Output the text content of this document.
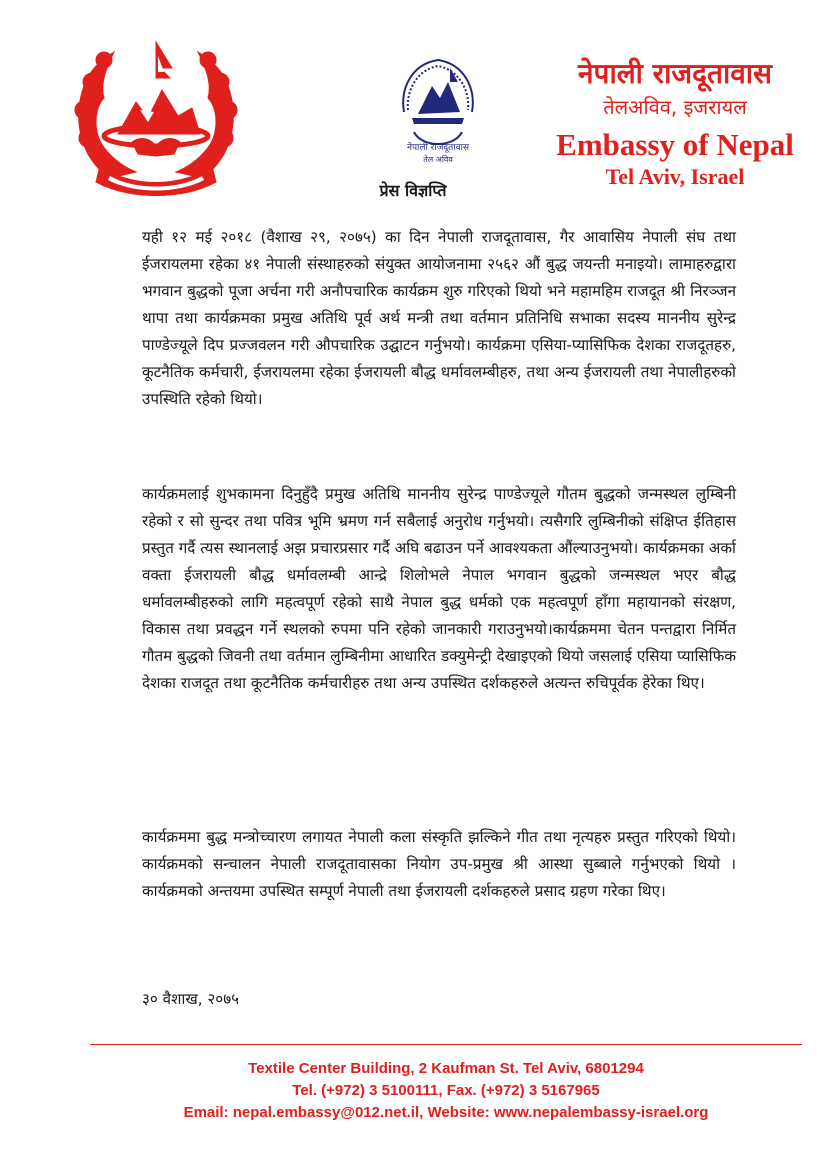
नेपाली राजदूतावास
तेल अविव
नेपाली राजदूतावास
तेलअविव, इजरायल
Embassy of Nepal
Tel Aviv, Israel
प्रेस विज्ञप्ति

यही १२ मई २०१८ (वैशाख २९, २०७५) का दिन नेपाली राजदूतावास, गैर आवासिय नेपाली संघ तथा ईजरायलमा रहेका ४१ नेपाली संस्थाहरुको संयुक्त आयोजनामा २५६२ औं बुद्ध जयन्ती मनाइयो। लामाहरुद्वारा भगवान बुद्धको पूजा अर्चना गरी अनौपचारिक कार्यक्रम शुरु गरिएको थियो भने महामहिम राजदूत श्री निरञ्जन थापा तथा कार्यक्रमका प्रमुख अतिथि पूर्व अर्थ मन्त्री तथा वर्तमान प्रतिनिधि सभाका सदस्य माननीय सुरेन्द्र पाण्डेज्यूले दिप प्रज्जवलन गरी औपचारिक उद्घाटन गर्नुभयो। कार्यक्रमा एसिया-प्यासिफिक देशका राजदूतहरु, कूटनैतिक कर्मचारी, ईजरायलमा रहेका ईजरायली बौद्ध धर्मावलम्बीहरु, तथा अन्य ईजरायली तथा नेपालीहरुको उपस्थिति रहेको थियो।

कार्यक्रमलाई शुभकामना दिनुहुँदै प्रमुख अतिथि माननीय सुरेन्द्र पाण्डेज्यूले गौतम बुद्धको जन्मस्थल लुम्बिनी रहेको र सो सुन्दर तथा पवित्र भूमि भ्रमण गर्न सबैलाई अनुरोध गर्नुभयो। त्यसैगरि लुम्बिनीको संक्षिप्त ईतिहास प्रस्तुत गर्दै त्यस स्थानलाई अझ प्रचारप्रसार गर्दै अघि बढाउन पर्ने आवश्यकता औंल्याउनुभयो। कार्यक्रमका अर्का वक्ता ईजरायली बौद्ध धर्मावलम्बी आन्द्रे शिलोभले नेपाल भगवान बुद्धको जन्मस्थल भएर बौद्ध धर्मावलम्बीहरुको लागि महत्वपूर्ण रहेको साथै नेपाल बुद्ध धर्मको एक महत्वपूर्ण हाँगा महायानको संरक्षण, विकास तथा प्रवद्धन गर्ने स्थलको रुपमा पनि रहेको जानकारी गराउनुभयो।कार्यक्रममा चेतन पन्तद्वारा निर्मित गौतम बुद्धको जिवनी तथा वर्तमान लुम्बिनीमा आधारित डक्युमेन्ट्री देखाइएको थियो जसलाई एसिया प्यासिफिक देशका राजदूत तथा कूटनैतिक कर्मचारीहरु तथा अन्य उपस्थित दर्शकहरुले अत्यन्त रुचिपूर्वक हेरेका थिए।

कार्यक्रममा बुद्ध मन्त्रोच्चारण लगायत नेपाली कला संस्कृति झल्किने गीत तथा नृत्यहरु प्रस्तुत गरिएको थियो। कार्यक्रमको सन्चालन नेपाली राजदूतावासका नियोग उप-प्रमुख श्री आस्था सुब्बाले गर्नुभएको थियो । कार्यक्रमको अन्तयमा उपस्थित सम्पूर्ण नेपाली तथा ईजरायली दर्शकहरुले प्रसाद ग्रहण गरेका थिए।

३० वैशाख, २०७५
Textile Center Building, 2 Kaufman St. Tel Aviv, 6801294
Tel. (+972) 3 5100111, Fax. (+972) 3 5167965
Email: nepal.embassy@012.net.il, Website: www.nepalembassy-israel.org
